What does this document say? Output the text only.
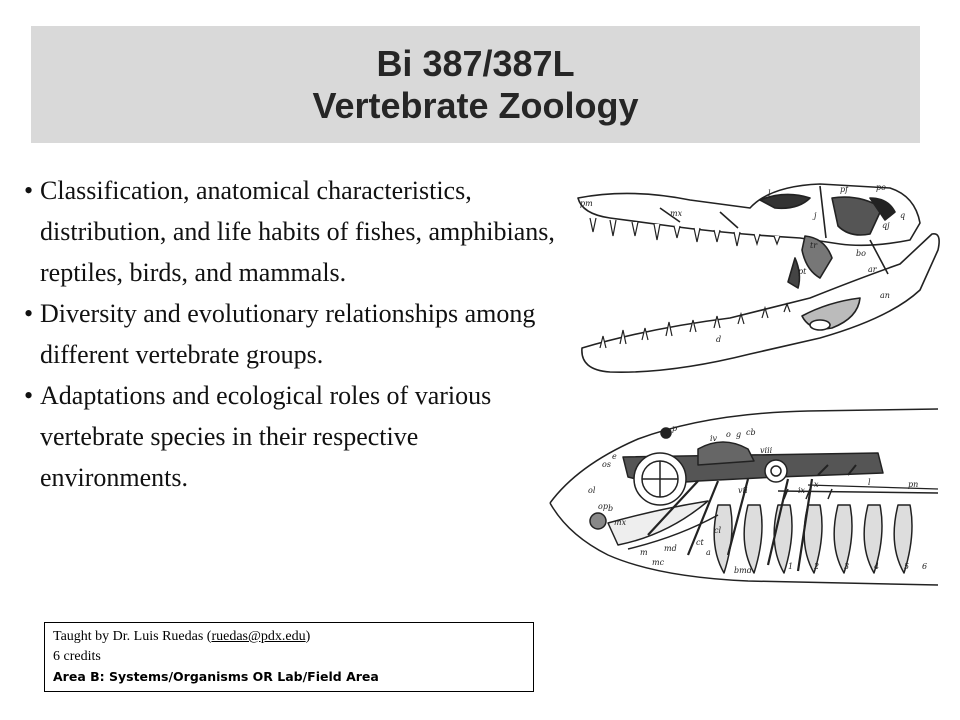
Bi 387/387L
Vertebrate Zoology
• Classification, anatomical characteristics, distribution, and life habits of fishes, amphibians, reptiles, birds, and mammals.
• Diversity and evolutionary relationships among different vertebrate groups.
• Adaptations and ecological roles of various vertebrate species in their respective environments.
pm
mx	j
l	pf	po
q
qj
pt
tr
bo
ar
an
d
p
iv o g cb
viii
os
e
ol	vii	ix
x	l	pn
op
mx
b
m md
mc
ct
bmd
cl
a
1	2	3	4	5 6
Taught by Dr. Luis Ruedas (ruedas@pdx.edu)
6 credits
Area B: Systems/Organisms OR Lab/Field Area
